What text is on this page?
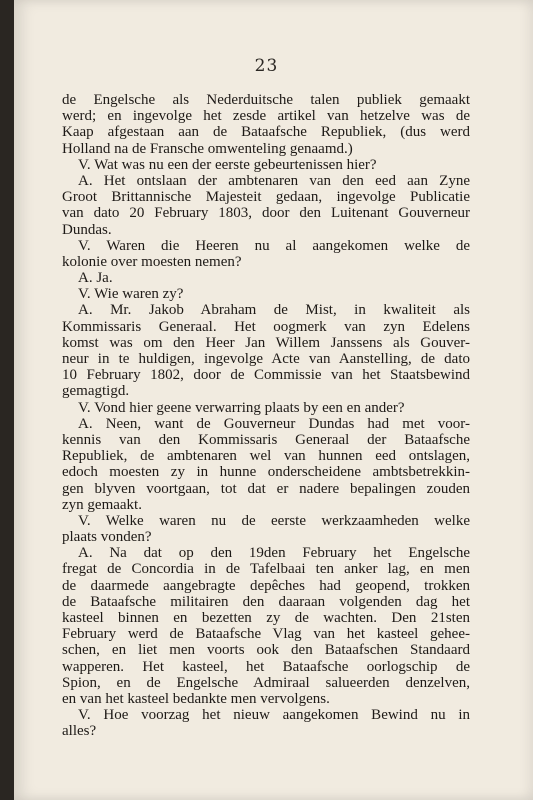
23
de Engelsche als Nederduitsche talen publiek gemaakt
werd; en ingevolge het zesde artikel van hetzelve was de
Kaap afgestaan aan de Bataafsche Republiek, (dus werd
Holland na de Fransche omwenteling genaamd.)
V. Wat was nu een der eerste gebeurtenissen hier?
A. Het ontslaan der ambtenaren van den eed aan Zyne
Groot Brittannische Majesteit gedaan, ingevolge Publicatie
van dato 20 February 1803, door den Luitenant Gouverneur
Dundas.
V. Waren die Heeren nu al aangekomen welke de
kolonie over moesten nemen?
A. Ja.
V. Wie waren zy?
A. Mr. Jakob Abraham de Mist, in kwaliteit als
Kommissaris Generaal. Het oogmerk van zyn Edelens
komst was om den Heer Jan Willem Janssens als Gouver-
neur in te huldigen, ingevolge Acte van Aanstelling, de dato
10 February 1802, door de Commissie van het Staatsbewind
gemagtigd.
V. Vond hier geene verwarring plaats by een en ander?
A. Neen, want de Gouverneur Dundas had met voor-
kennis van den Kommissaris Generaal der Bataafsche
Republiek, de ambtenaren wel van hunnen eed ontslagen,
edoch moesten zy in hunne onderscheidene ambtsbetrekkin-
gen blyven voortgaan, tot dat er nadere bepalingen zouden
zyn gemaakt.
V. Welke waren nu de eerste werkzaamheden welke
plaats vonden?
A. Na dat op den 19den February het Engelsche
fregat de Concordia in de Tafelbaai ten anker lag, en men
de daarmede aangebragte depêches had geopend, trokken
de Bataafsche militairen den daaraan volgenden dag het
kasteel binnen en bezetten zy de wachten. Den 21sten
February werd de Bataafsche Vlag van het kasteel gehee-
schen, en liet men voorts ook den Bataafschen Standaard
wapperen. Het kasteel, het Bataafsche oorlogschip de
Spion, en de Engelsche Admiraal salueerden denzelven,
en van het kasteel bedankte men vervolgens.
V. Hoe voorzag het nieuw aangekomen Bewind nu in
alles?
